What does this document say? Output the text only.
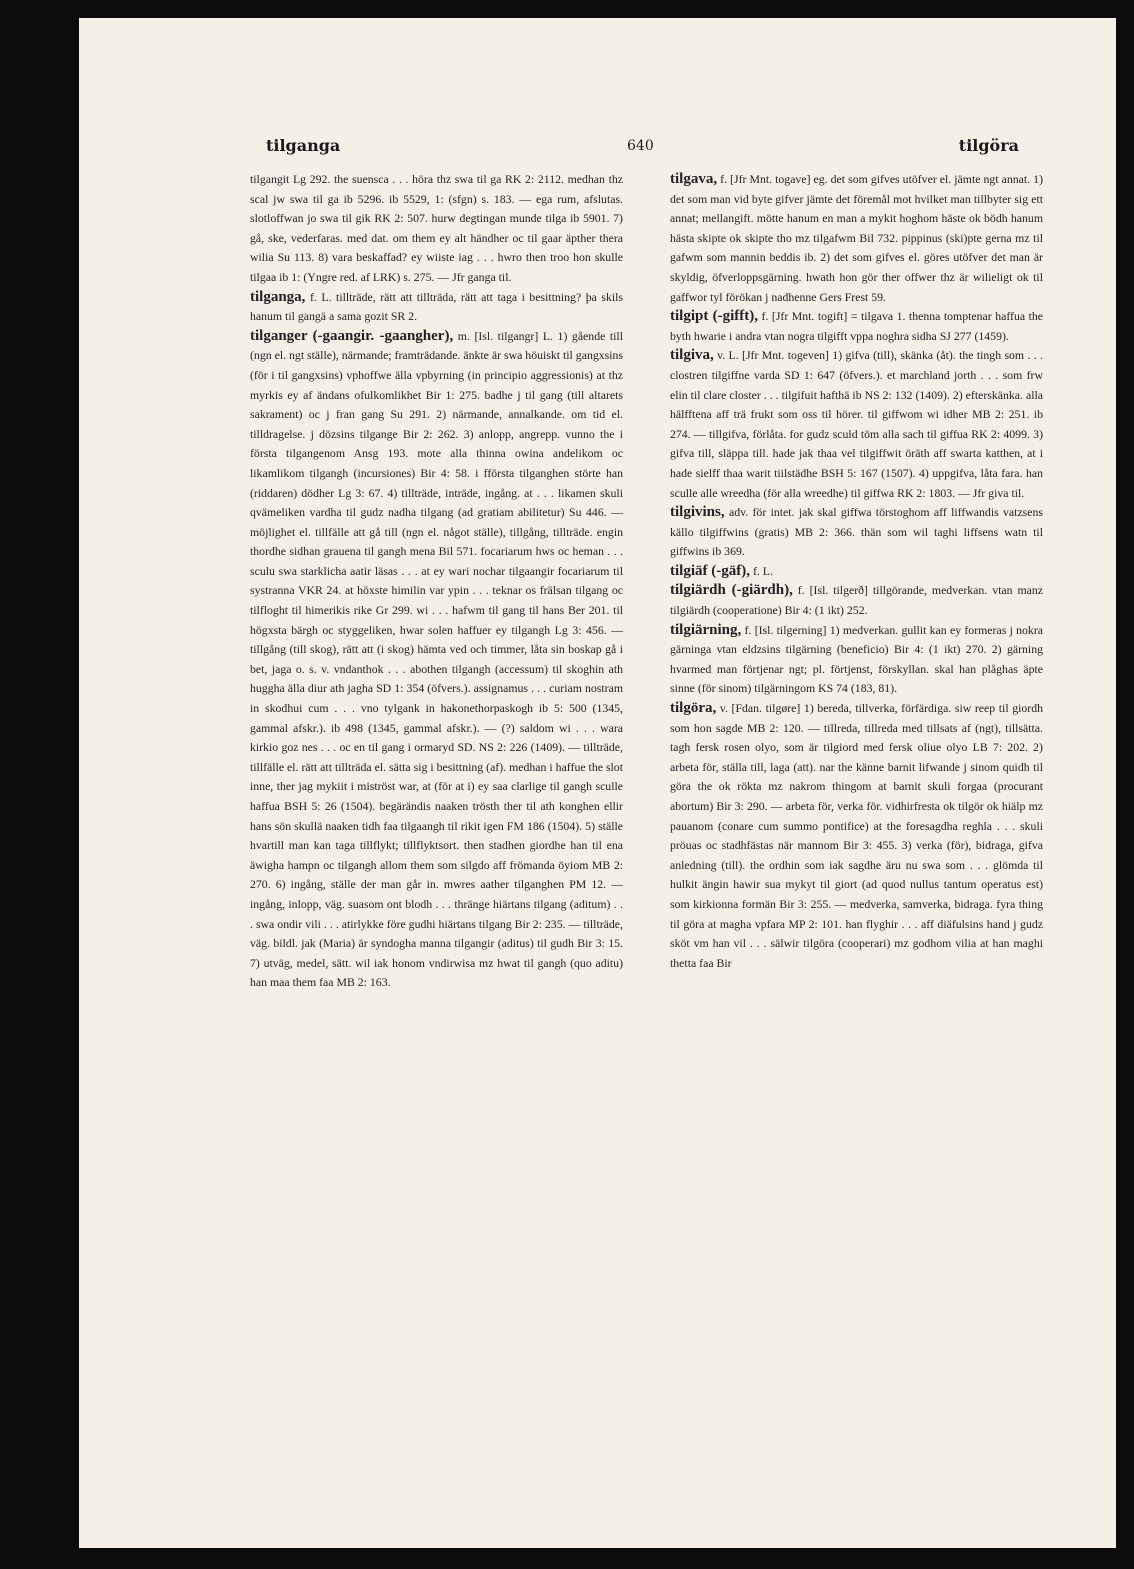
tilganga	640	tilgöra

tilgangit Lg 292. the suensca . . . höra thz swa til ga RK 2: 2112. medhan thz scal jw swa til ga ib 5296. ib 5529, 1: (sfgn) s. 183. — ega rum, afslutas. slotloffwan jo swa til gik RK 2: 507. hurw degtingan munde tilga ib 5901. 7) gå, ske, vederfaras. med dat. om them ey alt händher oc til gaar äpther thera wilia Su 113. 8) vara beskaffad? ey wiiste iag . . . hwro then troo hon skulle tilgaa ib 1: (Yngre red. af LRK) s. 275. — Jfr ganga til.

tilganga, f. L. tillträde, rätt att tillträda, rätt att taga i besittning? þa skils hanum til gangä a sama gozit SR 2.

tilganger (-gaangir. -gaangher), m. [Isl. tilgangr] L. 1) gående till (ngn el. ngt ställe), närmande; framträdande. änkte är swa höuiskt til gangxsins (för i til gangxsins) vphoffwe älla vpbyrning (in principio aggressionis) at thz myrkis ey af ändans ofulkomlikhet Bir 1: 275. badhe j til gang (till altarets sakrament) oc j fran gang Su 291. 2) närmande, annalkande. om tid el. tilldragelse. j dözsins tilgange Bir 2: 262. 3) anlopp, angrepp. vunno the i första tilgangenom Ansg 193. mote alla thinna owina andelikom oc likamlikom tilgangh (incursiones) Bir 4: 58. i fförsta tilganghen störte han (riddaren) dödher Lg 3: 67. 4) tillträde, inträde, ingång. at . . . likamen skuli qvämeliken vardha til gudz nadha tilgang (ad gratiam abilitetur) Su 446. — möjlighet el. tillfälle att gå till (ngn el. något ställe), tillgång, tillträde. engin thordhe sidhan grauena til gangh mena Bil 571. focariarum hws oc heman . . . sculu swa starklicha aatir läsas . . . at ey wari nochar tilgaangir focariarum til systranna VKR 24. at höxste himilin var ypin . . . teknar os frälsan tilgang oc tilfloght til himerikis rike Gr 299. wi . . . hafwm til gang til hans Ber 201. til högxsta bärgh oc styggeliken, hwar solen haffuer ey tilgangh Lg 3: 456. — tillgång (till skog), rätt att (i skog) hämta ved och timmer, låta sin boskap gå i bet, jaga o. s. v. vndanthok . . . abothen tilgangh (accessum) til skoghin ath huggha älla diur ath jagha SD 1: 354 (öfvers.). assignamus . . . curiam nostram in skodhui cum . . . vno tylgank in hakonethorpaskogh ib 5: 500 (1345, gammal afskr.). ib 498 (1345, gammal afskr.). — (?) saldom wi . . . wara kirkio goz nes . . . oc en til gang i ormaryd SD. NS 2: 226 (1409). — tillträde, tillfälle el. rätt att tillträda el. sätta sig i besittning (af). medhan i haffue the slot inne, ther jag mykiit i miströst war, at (för at i) ey saa clarlige til gangh sculle haffua BSH 5: 26 (1504). begärändis naaken trösth ther til ath konghen ellir hans sön skullä naaken tidh faa tilgaangh til rikit igen FM 186 (1504). 5) ställe hvartill man kan taga tillflykt; tillflyktsort. then stadhen giordhe han til ena äwigha hampn oc tilgangh allom them som silgdo aff frömanda öyiom MB 2: 270. 6) ingång, ställe der man går in. mwres aather tilganghen PM 12. — ingång, inlopp, väg. suasom ont blodh . . . thränge hiärtans tilgang (aditum) . . . swa ondir vili . . . atirlykke före gudhi hiärtans tilgang Bir 2: 235. — tillträde, väg. bildl. jak (Maria) är syndogha manna tilgangir (aditus) til gudh Bir 3: 15. 7) utväg, medel, sätt. wil iak honom vndirwisa mz hwat til gangh (quo aditu) han maa them faa MB 2: 163.

tilgava, f. [Jfr Mnt. togave] eg. det som gifves utöfver el. jämte ngt annat. 1) det som man vid byte gifver jämte det föremål mot hvilket man tillbyter sig ett annat; mellangift. mötte hanum en man a mykit hoghom häste ok bödh hanum hästa skipte ok skipte tho mz tilgafwm Bil 732. pippinus (ski)pte gerna mz til gafwm som mannin beddis ib. 2) det som gifves el. göres utöfver det man är skyldig, öfverloppsgärning. hwath hon gör ther offwer thz är wilieligt ok til gaffwor tyl förökan j nadhenne Gers Frest 59.

tilgipt (-gifft), f. [Jfr Mnt. togift] = tilgava 1. thenna tomptenar haffua the byth hwarie i andra vtan nogra tilgifft vppa noghra sidha SJ 277 (1459).

tilgiva, v. L. [Jfr Mnt. togeven] 1) gifva (till), skänka (åt). the tingh som . . . clostren tilgiffne varda SD 1: 647 (öfvers.). et marchland jorth . . . som frw elin til clare closter . . . tilgifuit hafthä ib NS 2: 132 (1409). 2) efterskänka. alla hälfftena aff trä frukt som oss til hörer. til giffwom wi idher MB 2: 251. ib 274. — tillgifva, förlåta. for gudz sculd töm alla sach til giffua RK 2: 4099. 3) gifva till, släppa till. hade jak thaa vel tilgiffwit öräth aff swarta katthen, at i hade sielff thaa warit tiilstädhe BSH 5: 167 (1507). 4) uppgifva, låta fara. han sculle alle wreedha (för alla wreedhe) til giffwa RK 2: 1803. — Jfr giva til.

tilgivins, adv. för intet. jak skal giffwa törstoghom aff liffwandis vatzsens källo tilgiffwins (gratis) MB 2: 366. thän som wil taghi liffsens watn til giffwins ib 369.

tilgiäf (-gäf), f. L.

tilgiärdh (-giärdh), f. [Isl. tilgerð] tillgörande, medverkan. vtan manz tilgiärdh (cooperatione) Bir 4: (1 ikt) 252.

tilgiärning, f. [Isl. tilgerning] 1) medverkan. gullit kan ey formeras j nokra gärninga vtan eldzsins tilgärning (beneficio) Bir 4: (1 ikt) 270. 2) gärning hvarmed man förtjenar ngt; pl. förtjenst, förskyllan. skal han plåghas äpte sinne (för sinom) tilgärningom KS 74 (183, 81).

tilgöra, v. [Fdan. tilgøre] 1) bereda, tillverka, förfärdiga. siw reep til giordh som hon sagde MB 2: 120. — tillreda, tillreda med tillsats af (ngt), tillsätta. tagh fersk rosen olyo, som är tilgiord med fersk oliue olyo LB 7: 202. 2) arbeta för, ställa till, laga (att). nar the känne barnit lifwande j sinom quidh til göra the ok rökta mz nakrom thingom at barnit skuli forgaa (procurant abortum) Bir 3: 290. — arbeta för, verka för. vidhirfresta ok tilgör ok hiälp mz pauanom (conare cum summo pontifice) at the foresagdha reghla . . . skuli pröuas oc stadhfästas när mannom Bir 3: 455. 3) verka (för), bidraga, gifva anledning (till). the ordhin som iak sagdhe äru nu swa som . . . glömda til hulkit ängin hawir sua mykyt til giort (ad quod nullus tantum operatus est) som kirkionna formän Bir 3: 255. — medverka, samverka, bidraga. fyra thing til göra at magha vpfara MP 2: 101. han flyghir . . . aff diäfulsins hand j gudz sköt vm han vil . . . sälwir tilgöra (cooperari) mz godhom vilia at han maghi thetta faa Bir
